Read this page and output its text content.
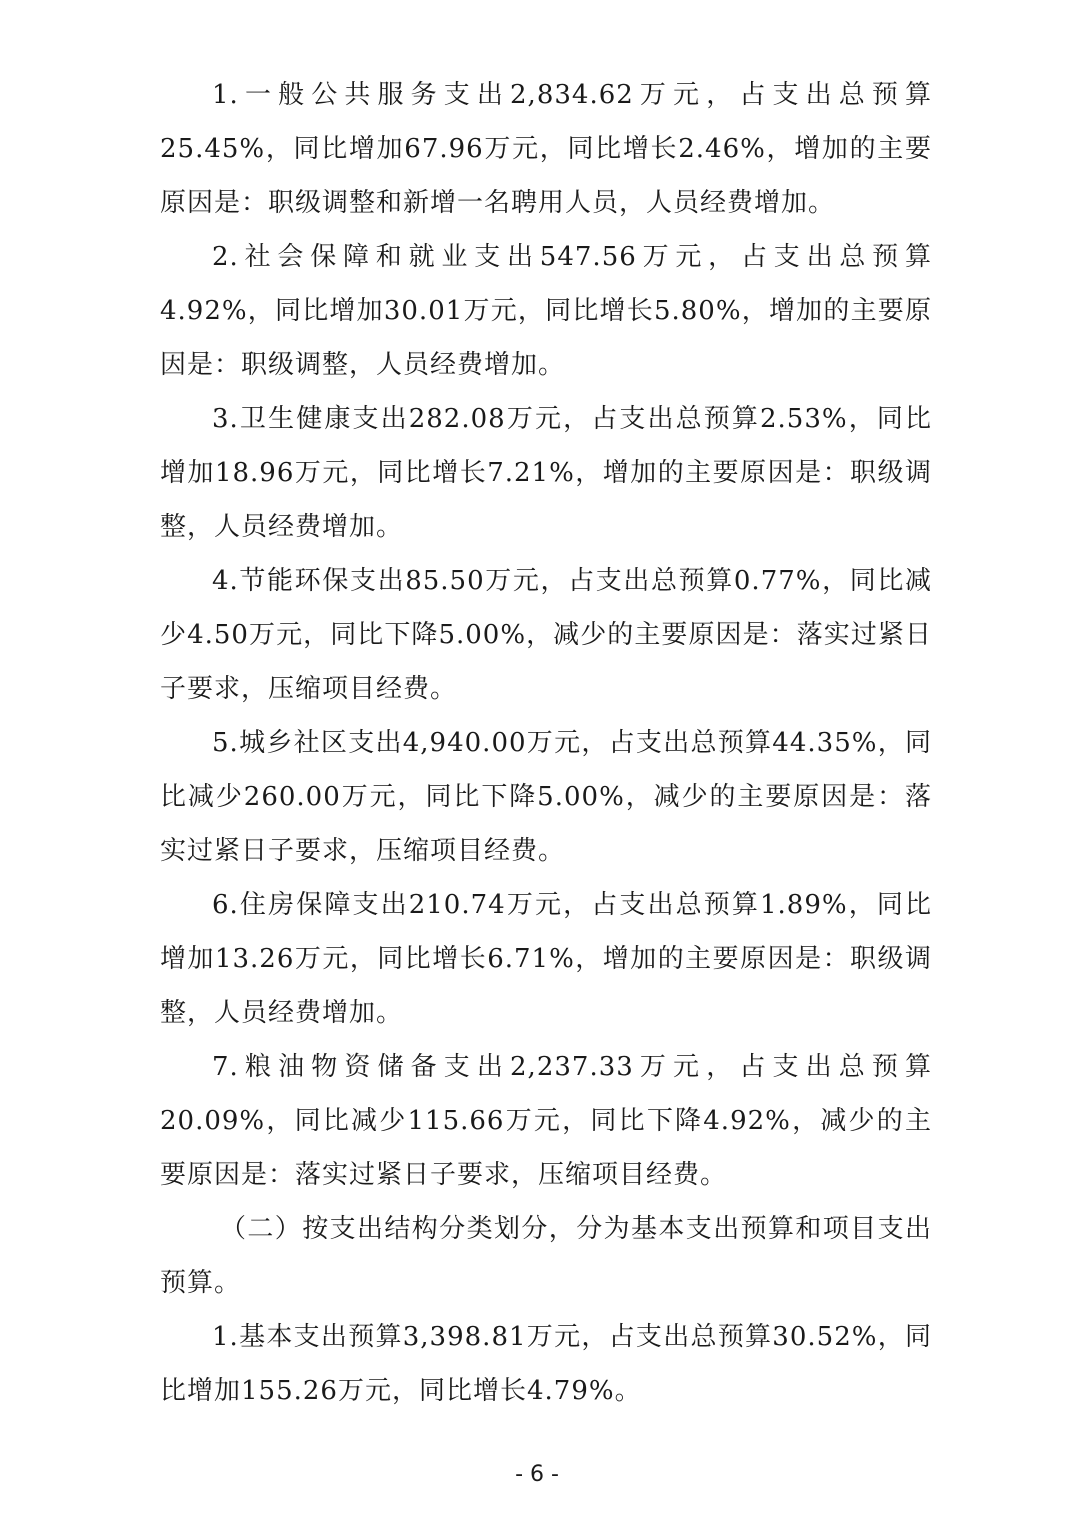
1.一般公共服务支出2,834.62万元，占支出总预算25.45%，同比增加67.96万元，同比增长2.46%，增加的主要原因是：职级调整和新增一名聘用人员，人员经费增加。

2.社会保障和就业支出547.56万元，占支出总预算4.92%，同比增加30.01万元，同比增长5.80%，增加的主要原因是：职级调整，人员经费增加。

3.卫生健康支出282.08万元，占支出总预算2.53%，同比增加18.96万元，同比增长7.21%，增加的主要原因是：职级调整，人员经费增加。

4.节能环保支出85.50万元，占支出总预算0.77%，同比减少4.50万元，同比下降5.00%，减少的主要原因是：落实过紧日子要求，压缩项目经费。

5.城乡社区支出4,940.00万元，占支出总预算44.35%，同比减少260.00万元，同比下降5.00%，减少的主要原因是：落实过紧日子要求，压缩项目经费。

6.住房保障支出210.74万元，占支出总预算1.89%，同比增加13.26万元，同比增长6.71%，增加的主要原因是：职级调整，人员经费增加。

7.粮油物资储备支出2,237.33万元，占支出总预算20.09%，同比减少115.66万元，同比下降4.92%，减少的主要原因是：落实过紧日子要求，压缩项目经费。

（二）按支出结构分类划分，分为基本支出预算和项目支出预算。

1.基本支出预算3,398.81万元，占支出总预算30.52%，同比增加155.26万元，同比增长4.79%。

- 6 -
